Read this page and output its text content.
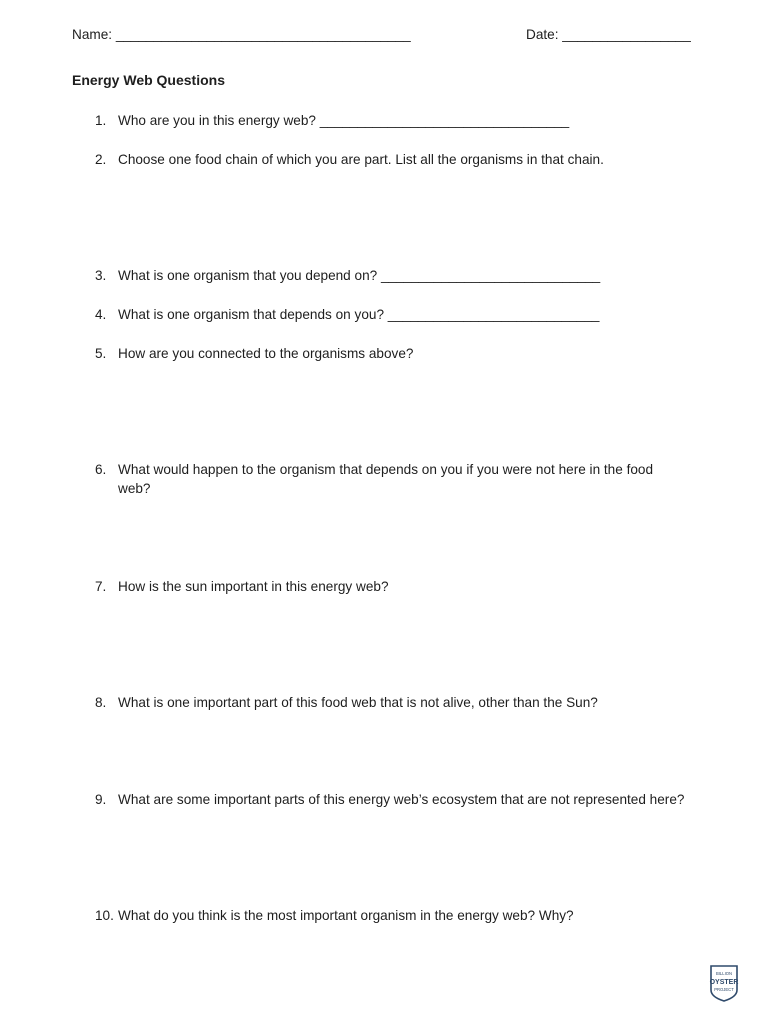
Name: _______________________________________	Date: _________________
Energy Web Questions
1. Who are you in this energy web? _________________________________
2. Choose one food chain of which you are part. List all the organisms in that chain.
3. What is one organism that you depend on? _____________________________
4. What is one organism that depends on you? ____________________________
5. How are you connected to the organisms above?
6. What would happen to the organism that depends on you if you were not here in the food web?
7. How is the sun important in this energy web?
8. What is one important part of this food web that is not alive, other than the Sun?
9. What are some important parts of this energy web’s ecosystem that are not represented here?
10. What do you think is the most important organism in the energy web? Why?
BILLION
OYSTER
PROJECT
